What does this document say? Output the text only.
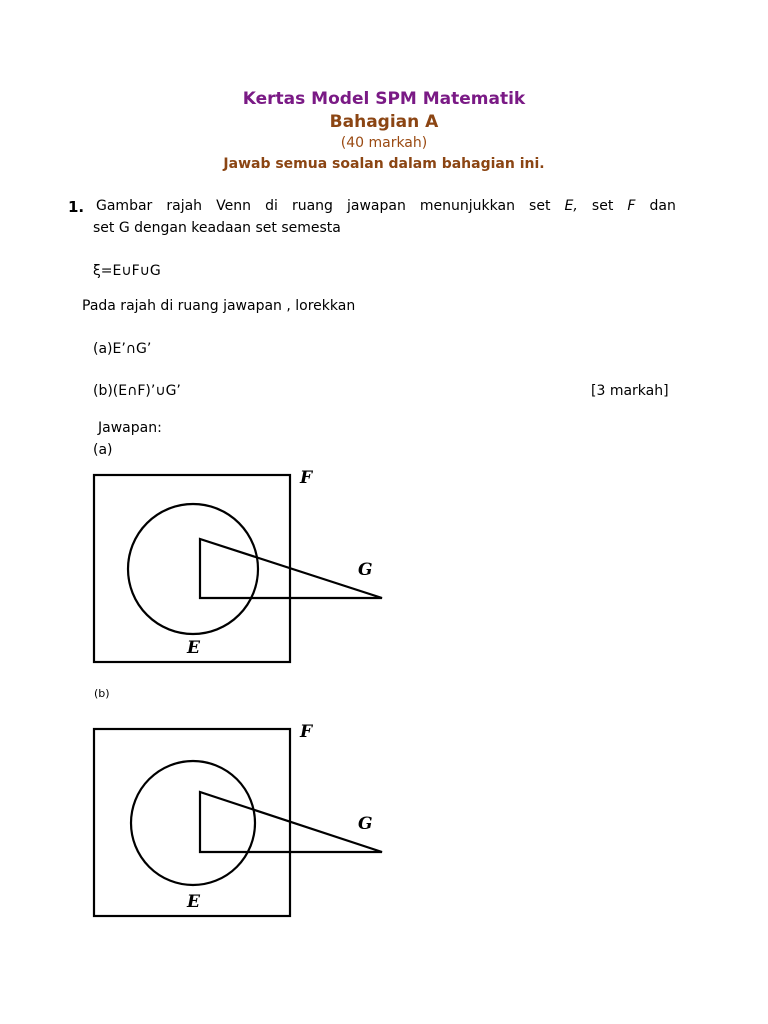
Kertas Model SPM Matematik
Bahagian A
(40 markah)
Jawab semua soalan dalam bahagian ini.
1. Gambar rajah Venn di ruang jawapan menunjukkan set E, set F dan
set G dengan keadaan set semesta
ξ=E∪F∪G
Pada rajah di ruang jawapan , lorekkan
(a)E’∩G’
(b)(E∩F)’∪G’	[3 markah]
Jawapan:
(a)
F
G
E
(b)
F
G
E
